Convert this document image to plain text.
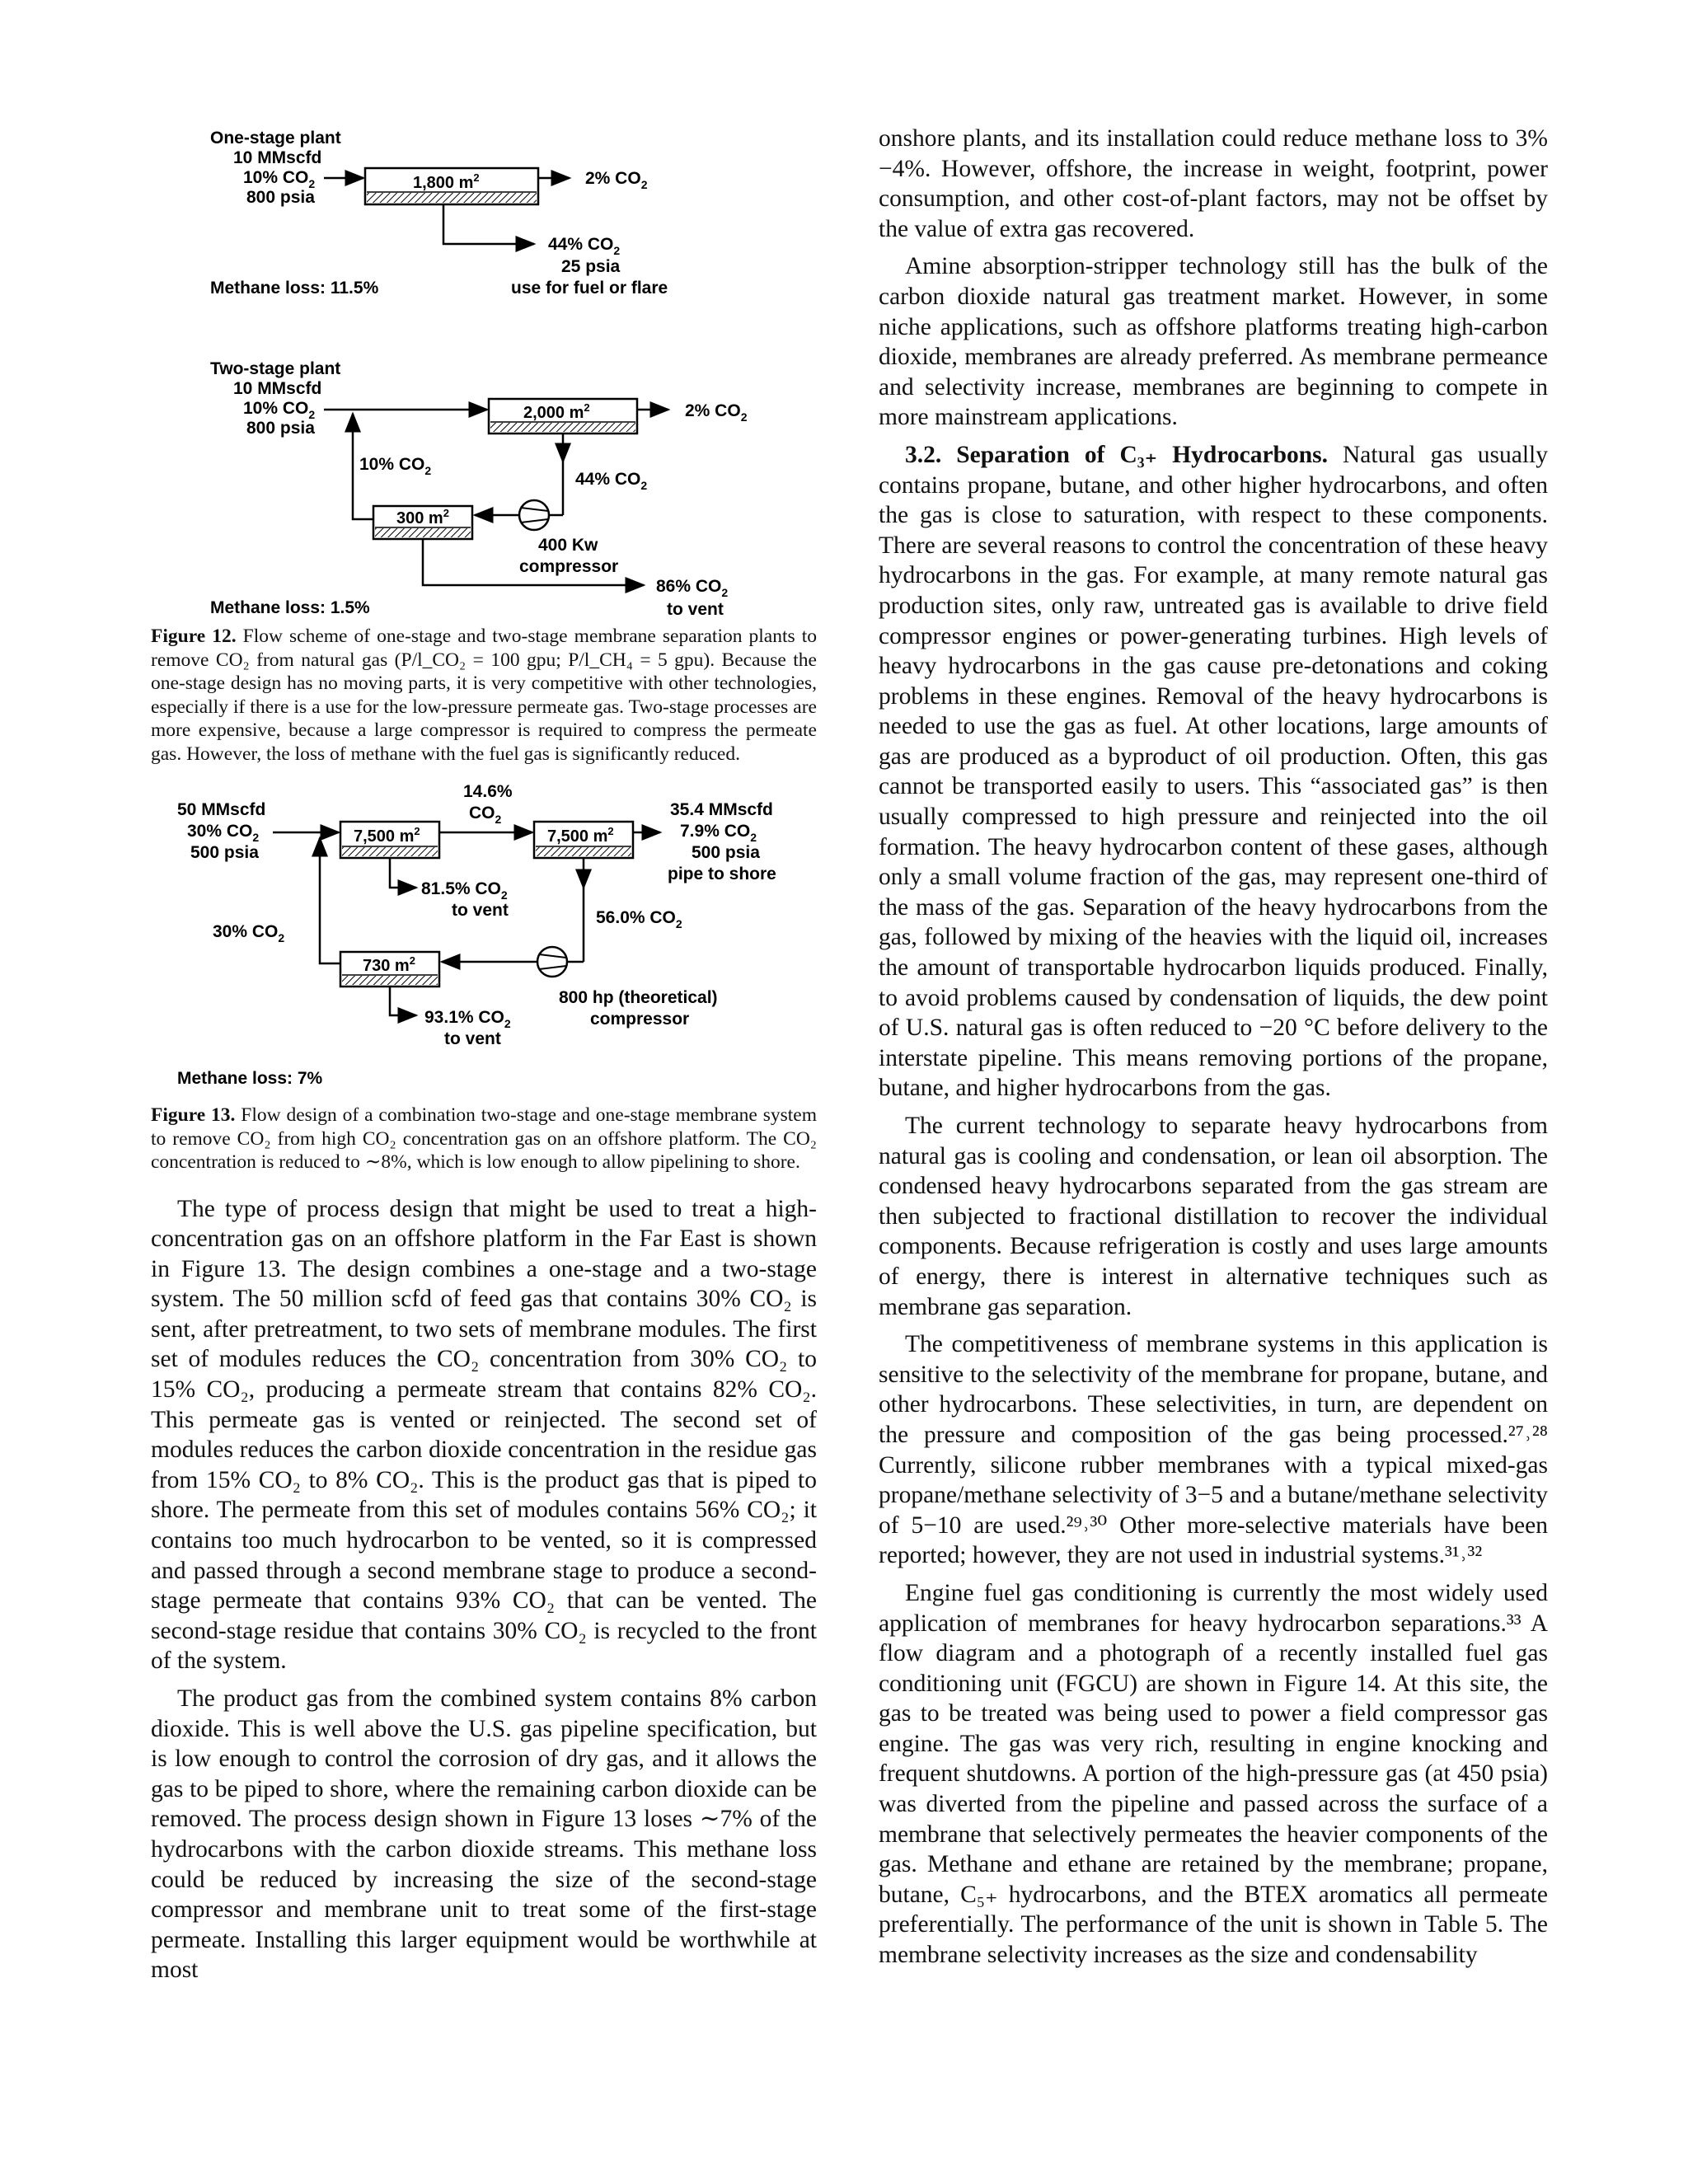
One-stage plant
10 MMscfd
10% $CO_2$
800 psia
1,800 $m^2$	2% $CO_2$
44% $CO_2$
25 psia
use for fuel or flare
Methane loss: 11.5%
Two-stage plant
10 MMscfd
10% $CO_2$
800 psia
2,000 $m^2$	2% $CO_2$
10% $CO_2$	44% $CO_2$
400 Kw
compressor
300 $m^2$
86% $CO_2$
to vent
Methane loss: 1.5%

Figure 12. Flow scheme of one-stage and two-stage membrane separation plants to remove CO₂ from natural gas (P/l_CO₂ = 100 gpu; P/l_CH₄ = 5 gpu). Because the one-stage design has no moving parts, it is very competitive with other technologies, especially if there is a use for the low-pressure permeate gas. Two-stage processes are more expensive, because a large compressor is required to compress the permeate gas. However, the loss of methane with the fuel gas is significantly reduced.

50 MMscfd
30% $CO_2$
500 psia
7,500 $m^2$
14.6%
$CO_2$
7,500 $m^2$
35.4 MMscfd
7.9% $CO_2$
500 psia
pipe to shore
81.5% $CO_2$
to vent	56.0% $CO_2$
800 hp (theoretical)
compressor
730 $m^2$
30% $CO_2$
93.1% $CO_2$
to vent
Methane loss: 7%

Figure 13. Flow design of a combination two-stage and one-stage membrane system to remove CO₂ from high CO₂ concentration gas on an offshore platform. The CO₂ concentration is reduced to ∼8%, which is low enough to allow pipelining to shore.

The type of process design that might be used to treat a high-concentration gas on an offshore platform in the Far East is shown in Figure 13. The design combines a one-stage and a two-stage system. The 50 million scfd of feed gas that contains 30% CO₂ is sent, after pretreatment, to two sets of membrane modules. The first set of modules reduces the CO₂ concentration from 30% CO₂ to 15% CO₂, producing a permeate stream that contains 82% CO₂. This permeate gas is vented or reinjected. The second set of modules reduces the carbon dioxide concentration in the residue gas from 15% CO₂ to 8% CO₂. This is the product gas that is piped to shore. The permeate from this set of modules contains 56% CO₂; it contains too much hydrocarbon to be vented, so it is compressed and passed through a second membrane stage to produce a second-stage permeate that contains 93% CO₂ that can be vented. The second-stage residue that contains 30% CO₂ is recycled to the front of the system.

The product gas from the combined system contains 8% carbon dioxide. This is well above the U.S. gas pipeline specification, but is low enough to control the corrosion of dry gas, and it allows the gas to be piped to shore, where the remaining carbon dioxide can be removed. The process design shown in Figure 13 loses ∼7% of the hydrocarbons with the carbon dioxide streams. This methane loss could be reduced by increasing the size of the second-stage compressor and membrane unit to treat some of the first-stage permeate. Installing this larger equipment would be worthwhile at most

onshore plants, and its installation could reduce methane loss to 3%−4%. However, offshore, the increase in weight, footprint, power consumption, and other cost-of-plant factors, may not be offset by the value of extra gas recovered.

Amine absorption-stripper technology still has the bulk of the carbon dioxide natural gas treatment market. However, in some niche applications, such as offshore platforms treating high-carbon dioxide, membranes are already preferred. As membrane permeance and selectivity increase, membranes are beginning to compete in more mainstream applications.

3.2. Separation of C₃₊ Hydrocarbons. Natural gas usually contains propane, butane, and other higher hydrocarbons, and often the gas is close to saturation, with respect to these components. There are several reasons to control the concentration of these heavy hydrocarbons in the gas. For example, at many remote natural gas production sites, only raw, untreated gas is available to drive field compressor engines or power-generating turbines. High levels of heavy hydrocarbons in the gas cause pre-detonations and coking problems in these engines. Removal of the heavy hydrocarbons is needed to use the gas as fuel. At other locations, large amounts of gas are produced as a byproduct of oil production. Often, this gas cannot be transported easily to users. This “associated gas” is then usually compressed to high pressure and reinjected into the oil formation. The heavy hydrocarbon content of these gases, although only a small volume fraction of the gas, may represent one-third of the mass of the gas. Separation of the heavy hydrocarbons from the gas, followed by mixing of the heavies with the liquid oil, increases the amount of transportable hydrocarbon liquids produced. Finally, to avoid problems caused by condensation of liquids, the dew point of U.S. natural gas is often reduced to −20 °C before delivery to the interstate pipeline. This means removing portions of the propane, butane, and higher hydrocarbons from the gas.

The current technology to separate heavy hydrocarbons from natural gas is cooling and condensation, or lean oil absorption. The condensed heavy hydrocarbons separated from the gas stream are then subjected to fractional distillation to recover the individual components. Because refrigeration is costly and uses large amounts of energy, there is interest in alternative techniques such as membrane gas separation.

The competitiveness of membrane systems in this application is sensitive to the selectivity of the membrane for propane, butane, and other hydrocarbons. These selectivities, in turn, are dependent on the pressure and composition of the gas being processed.²⁷˒²⁸ Currently, silicone rubber membranes with a typical mixed-gas propane/methane selectivity of 3−5 and a butane/methane selectivity of 5−10 are used.²⁹˒³⁰ Other more-selective materials have been reported; however, they are not used in industrial systems.³¹˒³²

Engine fuel gas conditioning is currently the most widely used application of membranes for heavy hydrocarbon separations.³³ A flow diagram and a photograph of a recently installed fuel gas conditioning unit (FGCU) are shown in Figure 14. At this site, the gas to be treated was being used to power a field compressor gas engine. The gas was very rich, resulting in engine knocking and frequent shutdowns. A portion of the high-pressure gas (at 450 psia) was diverted from the pipeline and passed across the surface of a membrane that selectively permeates the heavier components of the gas. Methane and ethane are retained by the membrane; propane, butane, C₅₊ hydrocarbons, and the BTEX aromatics all permeate preferentially. The performance of the unit is shown in Table 5. The membrane selectivity increases as the size and condensability
